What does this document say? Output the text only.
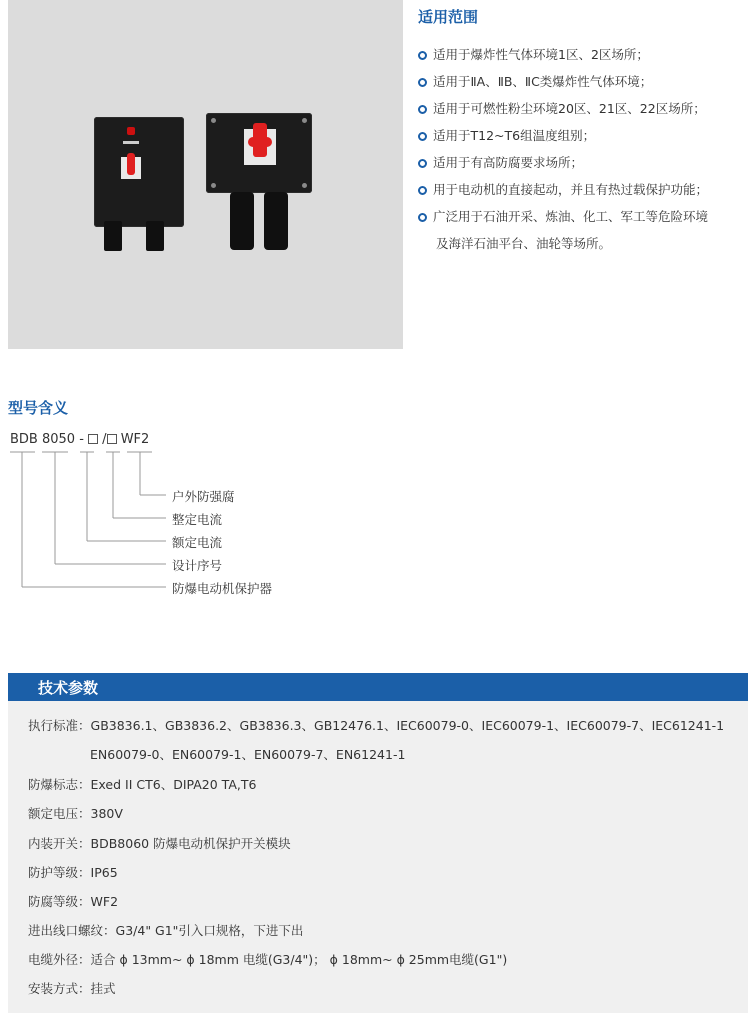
适用范围
适用于爆炸性气体环境1区、2区场所；
适用于ⅡA、ⅡB、ⅡC类爆炸性气体环境；
适用于可燃性粉尘环境20区、21区、22区场所；
适用于T12~T6组温度组别；
适用于有高防腐要求场所；
用于电动机的直接起动，并且有热过载保护功能；
广泛用于石油开采、炼油、化工、军工等危险环境
及海洋石油平台、油轮等场所。
型号含义
BDB 8050 - / WF2
户外防强腐
整定电流
额定电流
设计序号
防爆电动机保护器
技术参数
执行标准：GB3836.1、GB3836.2、GB3836.3、GB12476.1、IEC60079-0、IEC60079-1、IEC60079-7、IEC61241-1
EN60079-0、EN60079-1、EN60079-7、EN61241-1
防爆标志：Exed II CT6、DIPA20 TA,T6
额定电压：380V
内装开关：BDB8060 防爆电动机保护开关模块
防护等级：IP65
防腐等级：WF2
进出线口螺纹：G3/4" G1"引入口规格，下进下出
电缆外径：适合 ϕ 13mm~ ϕ 18mm 电缆(G3/4")； ϕ 18mm~ ϕ 25mm电缆(G1")
安装方式：挂式
